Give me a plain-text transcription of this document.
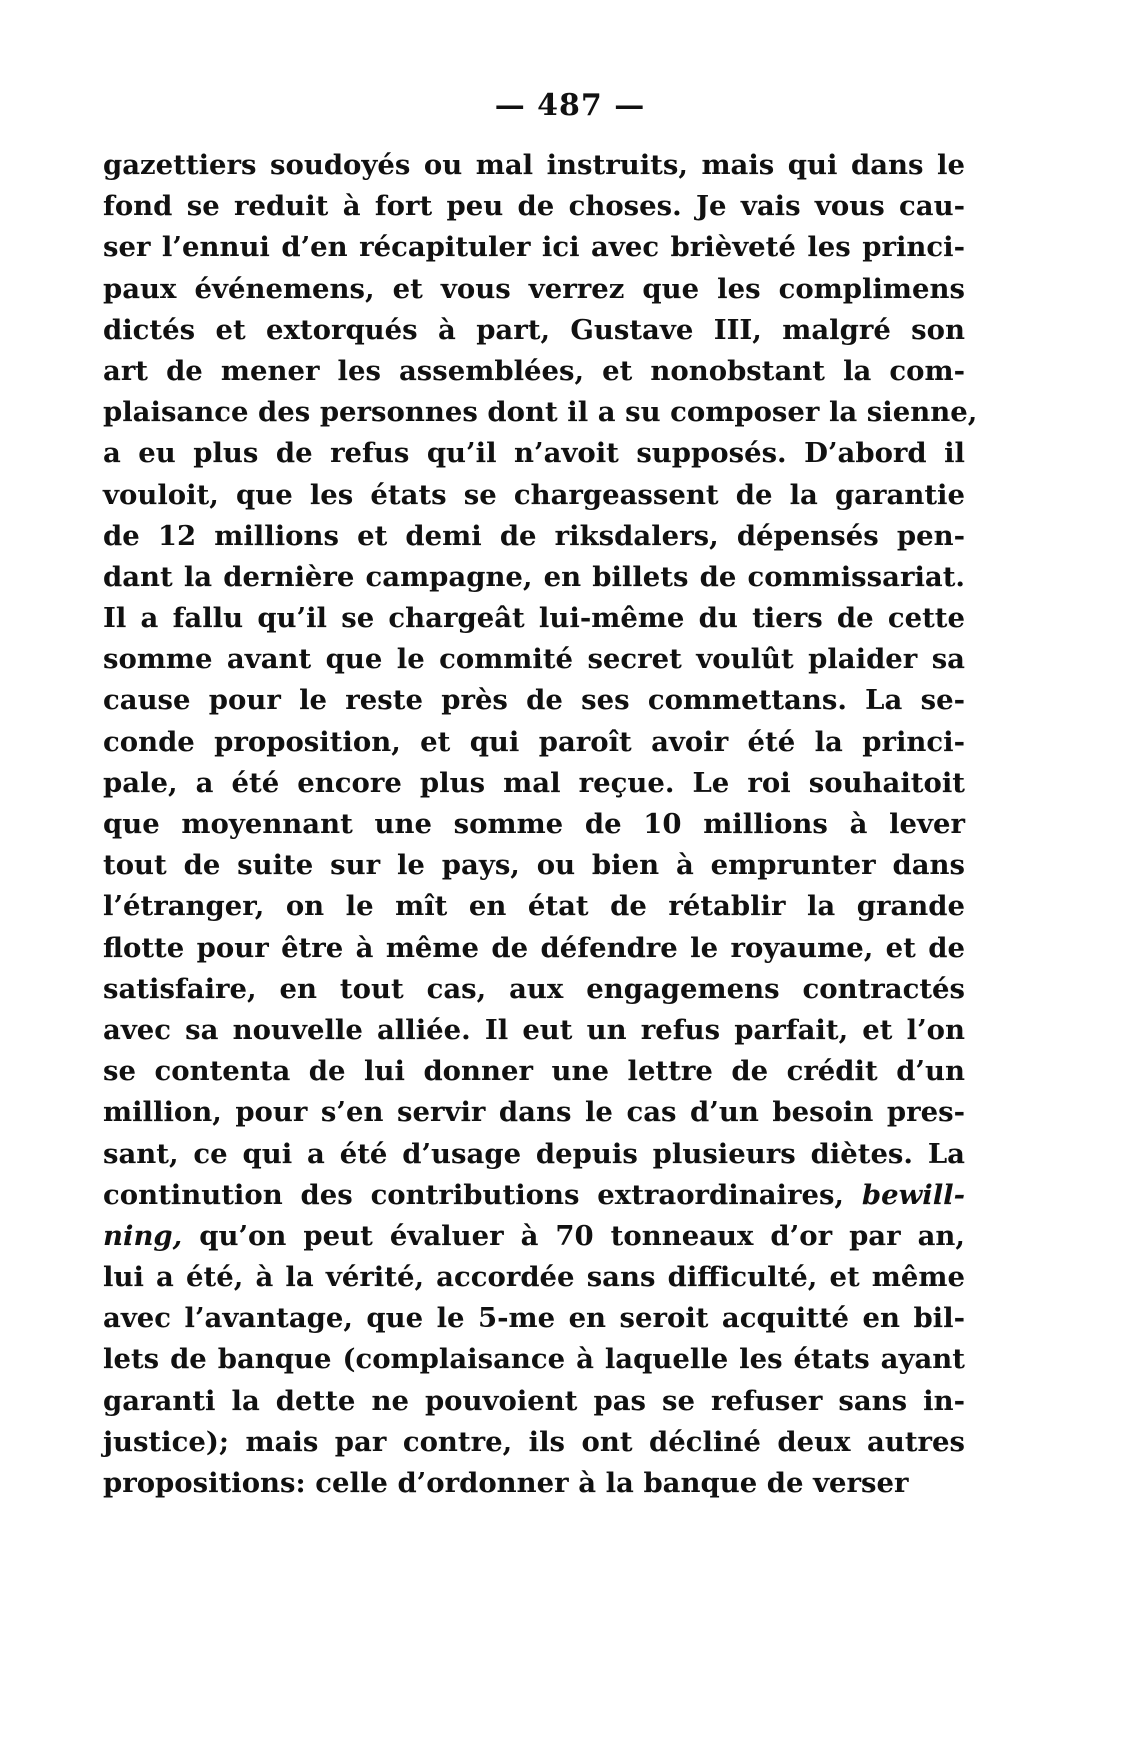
— 487 —
gazettiers soudoyés ou mal instruits, mais qui dans le
fond se reduit à fort peu de choses. Je vais vous cau-
ser l’ennui d’en récapituler ici avec brièveté les princi-
paux événemens, et vous verrez que les complimens
dictés et extorqués à part, Gustave III, malgré son
art de mener les assemblées, et nonobstant la com-
plaisance des personnes dont il a su composer la sienne,
a eu plus de refus qu’il n’avoit supposés. D’abord il
vouloit, que les états se chargeassent de la garantie
de 12 millions et demi de riksdalers, dépensés pen-
dant la dernière campagne, en billets de commissariat.
Il a fallu qu’il se chargeât lui-même du tiers de cette
somme avant que le commité secret voulût plaider sa
cause pour le reste près de ses commettans. La se-
conde proposition, et qui paroît avoir été la princi-
pale, a été encore plus mal reçue. Le roi souhaitoit
que moyennant une somme de 10 millions à lever
tout de suite sur le pays, ou bien à emprunter dans
l’étranger, on le mît en état de rétablir la grande
flotte pour être à même de défendre le royaume, et de
satisfaire, en tout cas, aux engagemens contractés
avec sa nouvelle alliée. Il eut un refus parfait, et l’on
se contenta de lui donner une lettre de crédit d’un
million, pour s’en servir dans le cas d’un besoin pres-
sant, ce qui a été d’usage depuis plusieurs diètes. La
continution des contributions extraordinaires, bewill-
ning, qu’on peut évaluer à 70 tonneaux d’or par an,
lui a été, à la vérité, accordée sans difficulté, et même
avec l’avantage, que le 5-me en seroit acquitté en bil-
lets de banque (complaisance à laquelle les états ayant
garanti la dette ne pouvoient pas se refuser sans in-
justice); mais par contre, ils ont décliné deux autres
propositions: celle d’ordonner à la banque de verser
